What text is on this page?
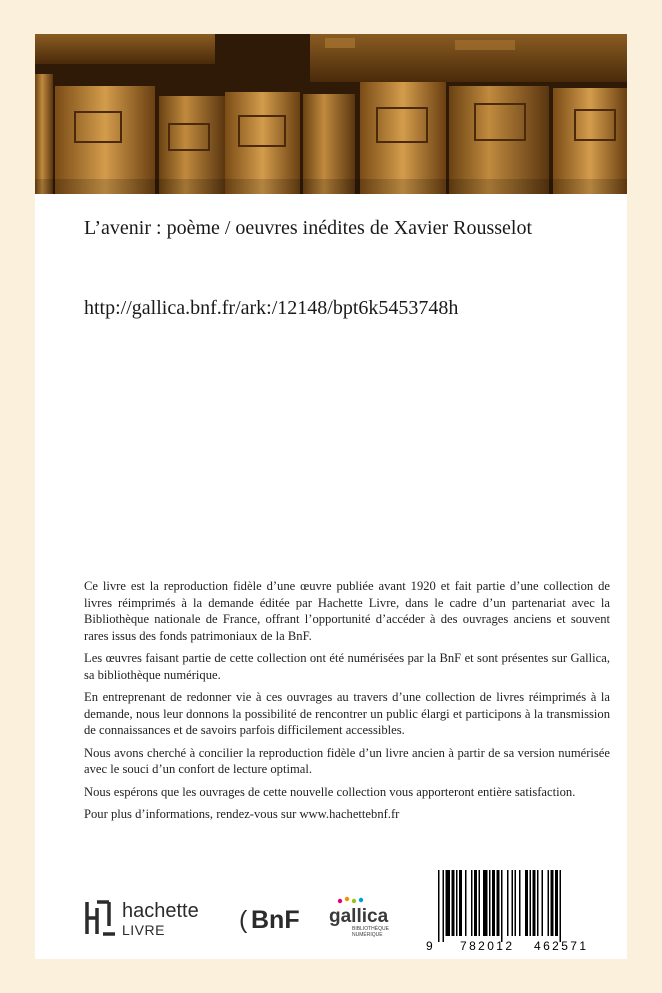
L’avenir : poème / oeuvres inédites de Xavier Rousselot
http://gallica.bnf.fr/ark:/12148/bpt6k5453748h

Ce livre est la reproduction fidèle d’une œuvre publiée avant 1920 et fait partie d’une collection de livres réimprimés à la demande éditée par Hachette Livre, dans le cadre d’un partenariat avec la Bibliothèque nationale de France, offrant l’opportunité d’accéder à des ouvrages anciens et souvent rares issus des fonds patrimoniaux de la BnF.

Les œuvres faisant partie de cette collection ont été numérisées par la BnF et sont présentes sur Gallica, sa bibliothèque numérique.

En entreprenant de redonner vie à ces ouvrages au travers d’une collection de livres réimprimés à la demande, nous leur donnons la possibilité de rencontrer un public élargi et participons à la transmission de connaissances et de savoirs parfois difficilement accessibles.

Nous avons cherché à concilier la reproduction fidèle d’un livre ancien à partir de sa version numérisée avec le souci d’un confort de lecture optimal.

Nous espérons que les ouvrages de cette nouvelle collection vous apporteront entière satisfaction.

Pour plus d’informations, rendez-vous sur www.hachettebnf.fr

hachette
LIVRE	( BnF gallica
BIBLIOTHÈQUE
NUMÉRIQUE
9 782012 462571
